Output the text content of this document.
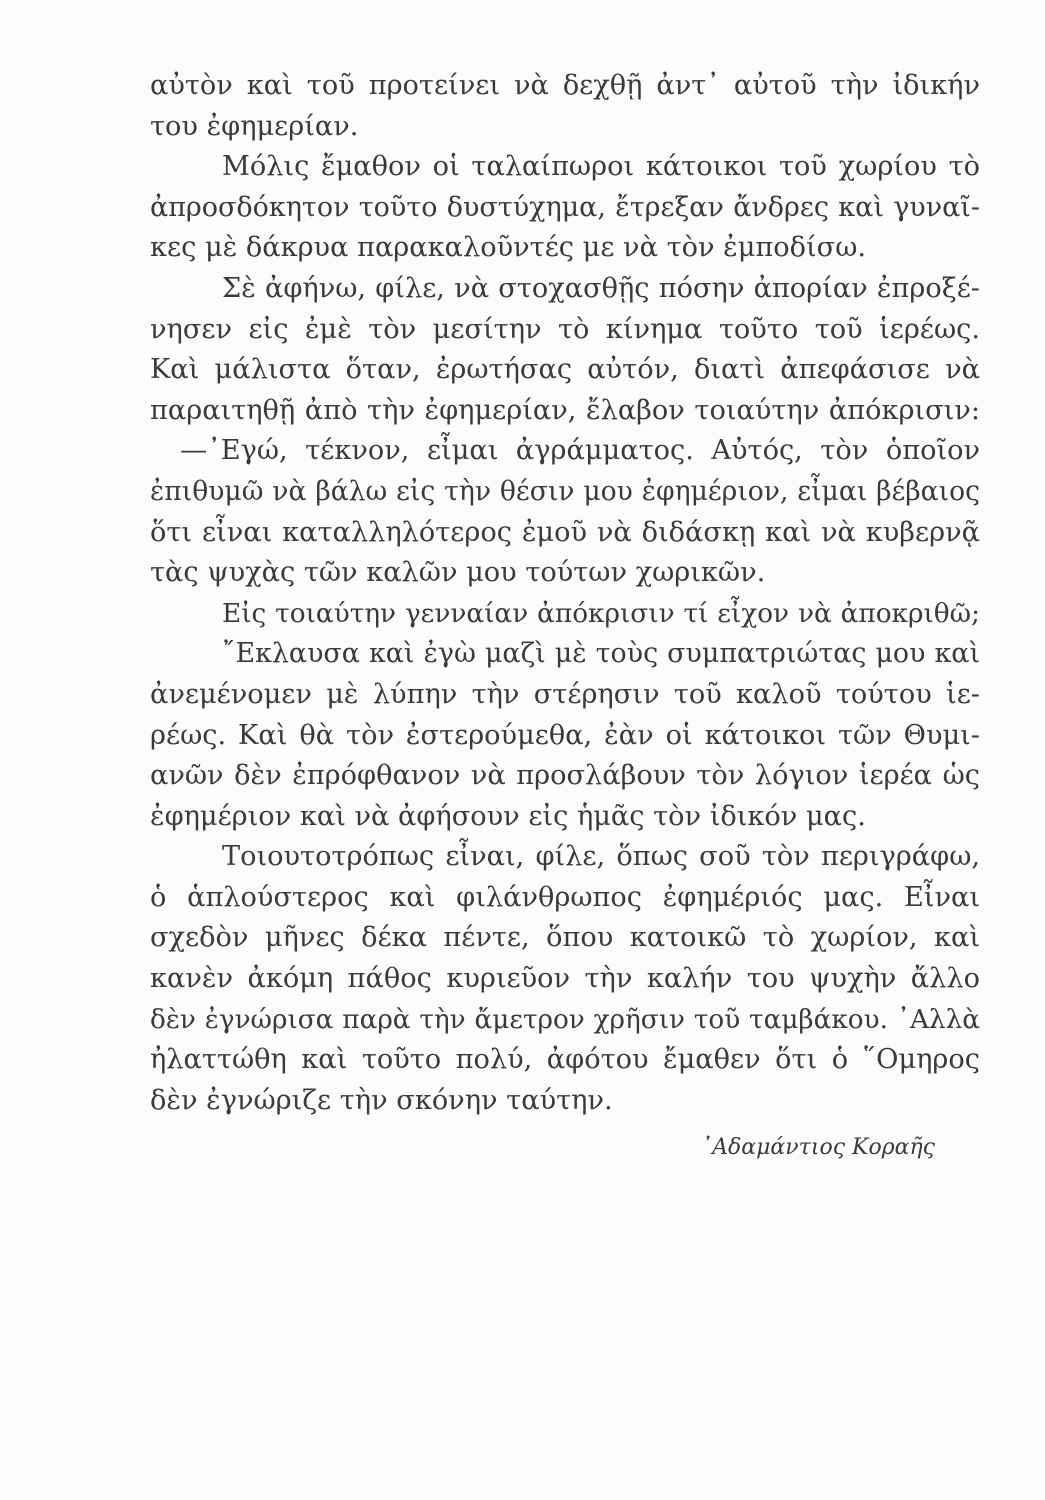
αὐτὸν καὶ τοῦ προτείνει νὰ δεχθῇ ἀντ᾽ αὐτοῦ τὴν ἰδικήν
του ἐφημερίαν.
Μόλις ἔμαθον οἱ ταλαίπωροι κάτοικοι τοῦ χωρίου τὸ
ἀπροσδόκητον τοῦτο δυστύχημα, ἔτρεξαν ἄνδρες καὶ γυναῖ-
κες μὲ δάκρυα παρακαλοῦντές με νὰ τὸν ἐμποδίσω.
Σὲ ἀφήνω, φίλε, νὰ στοχασθῇς πόσην ἀπορίαν ἐπροξέ-
νησεν εἰς ἐμὲ τὸν μεσίτην τὸ κίνημα τοῦτο τοῦ ἱερέως.
Καὶ μάλιστα ὅταν, ἐρωτήσας αὐτόν, διατὶ ἀπεφάσισε νὰ
παραιτηθῇ ἀπὸ τὴν ἐφημερίαν, ἔλαβον τοιαύτην ἀπόκρισιν:
—᾽Εγώ, τέκνον, εἶμαι ἀγράμματος. Αὐτός, τὸν ὁποῖον
ἐπιθυμῶ νὰ βάλω εἰς τὴν θέσιν μου ἐφημέριον, εἶμαι βέβαιος
ὅτι εἶναι καταλληλότερος ἐμοῦ νὰ διδάσκῃ καὶ νὰ κυβερνᾷ
τὰς ψυχὰς τῶν καλῶν μου τούτων χωρικῶν.
Εἰς τοιαύτην γενναίαν ἀπόκρισιν τί εἶχον νὰ ἀποκριθῶ;
῎Εκλαυσα καὶ ἐγὼ μαζὶ μὲ τοὺς συμπατριώτας μου καὶ
ἀνεμένομεν μὲ λύπην τὴν στέρησιν τοῦ καλοῦ τούτου ἱε-
ρέως. Καὶ θὰ τὸν ἐστερούμεθα, ἐὰν οἱ κάτοικοι τῶν Θυμι-
ανῶν δὲν ἐπρόφθανον νὰ προσλάβουν τὸν λόγιον ἱερέα ὡς
ἐφημέριον καὶ νὰ ἀφήσουν εἰς ἡμᾶς τὸν ἰδικόν μας.
Τοιουτοτρόπως εἶναι, φίλε, ὅπως σοῦ τὸν περιγράφω,
ὁ ἁπλούστερος καὶ φιλάνθρωπος ἐφημέριός μας. Εἶναι
σχεδὸν μῆνες δέκα πέντε, ὅπου κατοικῶ τὸ χωρίον, καὶ
κανὲν ἀκόμη πάθος κυριεῦον τὴν καλήν του ψυχὴν ἄλλο
δὲν ἐγνώρισα παρὰ τὴν ἄμετρον χρῆσιν τοῦ ταμβάκου. ᾽Αλλὰ
ἠλαττώθη καὶ τοῦτο πολύ, ἀφότου ἔμαθεν ὅτι ὁ ῞Ομηρος
δὲν ἐγνώριζε τὴν σκόνην ταύτην.
᾽Αδαμάντιος Κοραῆς
